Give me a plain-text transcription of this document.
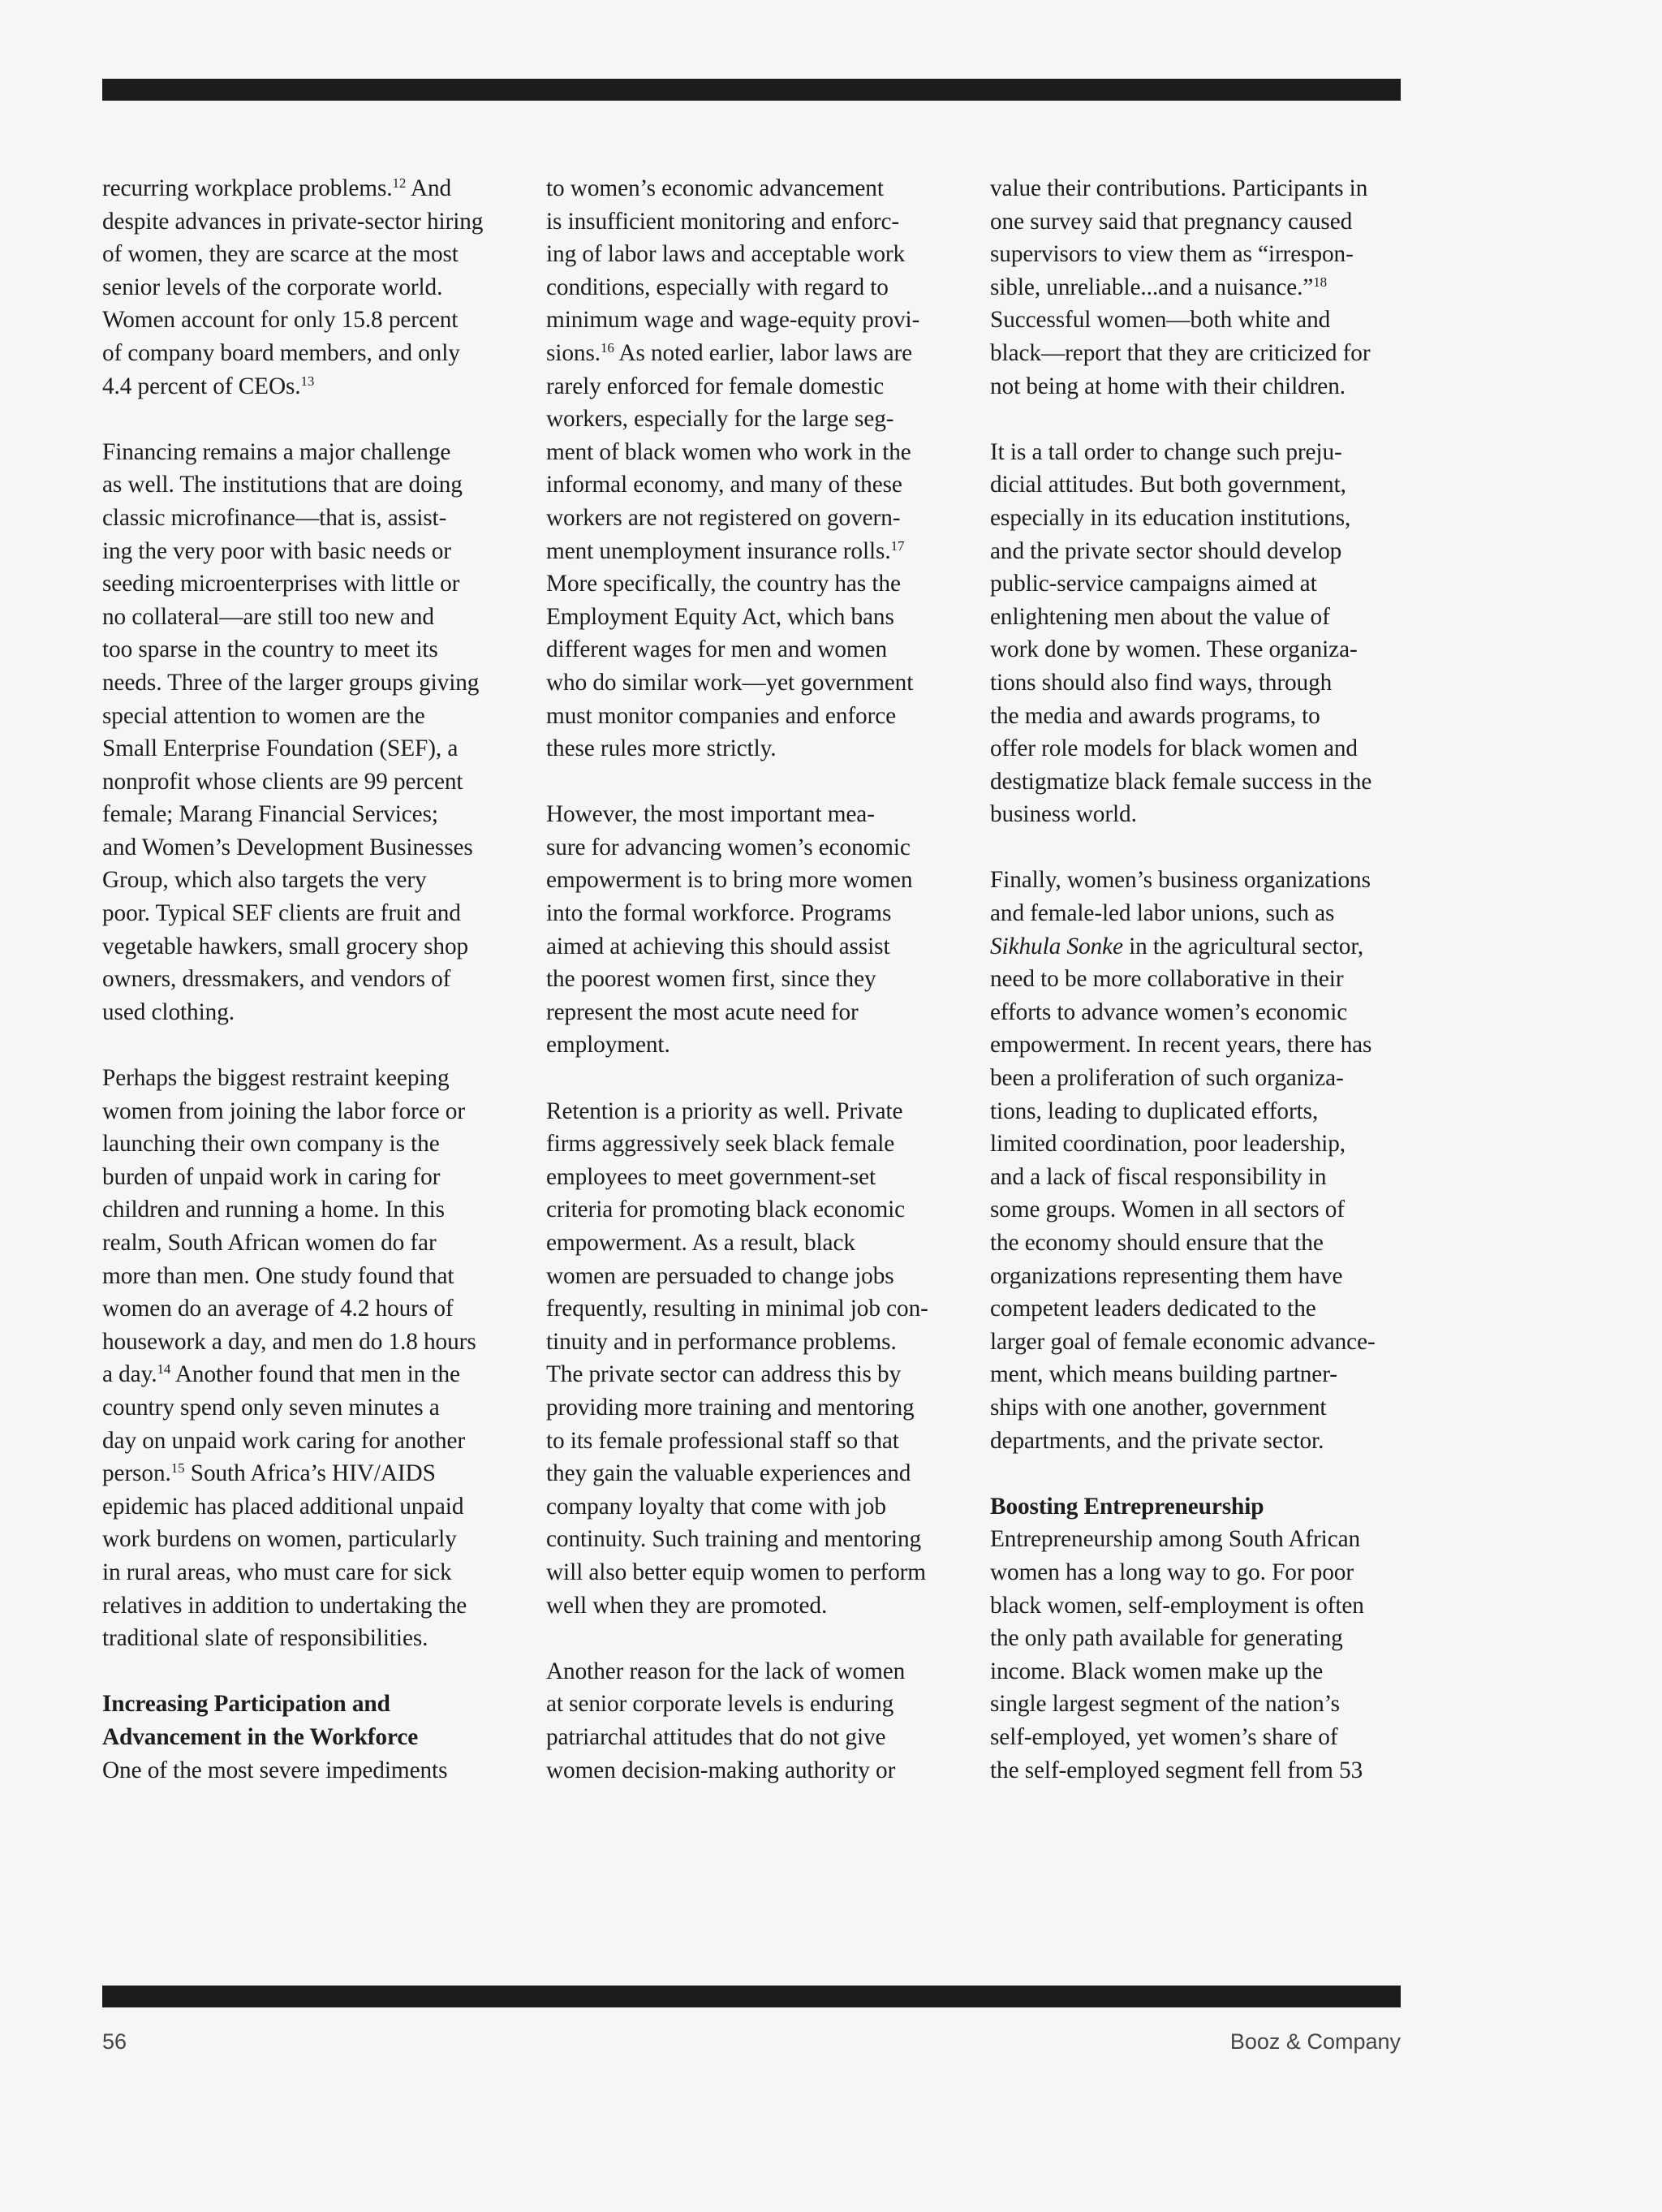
recurring workplace problems.$^{12}$ And
despite advances in private-sector hiring
of women, they are scarce at the most
senior levels of the corporate world.
Women account for only 15.8 percent
of company board members, and only
4.4 percent of CEOs.$^{13}$
Financing remains a major challenge
as well. The institutions that are doing
classic microfinance—that is, assist-
ing the very poor with basic needs or
seeding microenterprises with little or
no collateral—are still too new and
too sparse in the country to meet its
needs. Three of the larger groups giving
special attention to women are the
Small Enterprise Foundation (SEF), a
nonprofit whose clients are 99 percent
female; Marang Financial Services;
and Women’s Development Businesses
Group, which also targets the very
poor. Typical SEF clients are fruit and
vegetable hawkers, small grocery shop
owners, dressmakers, and vendors of
used clothing.
Perhaps the biggest restraint keeping
women from joining the labor force or
launching their own company is the
burden of unpaid work in caring for
children and running a home. In this
realm, South African women do far
more than men. One study found that
women do an average of 4.2 hours of
housework a day, and men do 1.8 hours
a day.$^{14}$ Another found that men in the
country spend only seven minutes a
day on unpaid work caring for another
person.$^{15}$ South Africa’s HIV/AIDS
epidemic has placed additional unpaid
work burdens on women, particularly
in rural areas, who must care for sick
relatives in addition to undertaking the
traditional slate of responsibilities.
Increasing Participation and
Advancement in the Workforce
One of the most severe impediments
to women’s economic advancement
is insufficient monitoring and enforc-
ing of labor laws and acceptable work
conditions, especially with regard to
minimum wage and wage-equity provi-
sions.$^{16}$ As noted earlier, labor laws are
rarely enforced for female domestic
workers, especially for the large seg-
ment of black women who work in the
informal economy, and many of these
workers are not registered on govern-
ment unemployment insurance rolls.$^{17}$
More specifically, the country has the
Employment Equity Act, which bans
different wages for men and women
who do similar work—yet government
must monitor companies and enforce
these rules more strictly.
However, the most important mea-
sure for advancing women’s economic
empowerment is to bring more women
into the formal workforce. Programs
aimed at achieving this should assist
the poorest women first, since they
represent the most acute need for
employment.
Retention is a priority as well. Private
firms aggressively seek black female
employees to meet government-set
criteria for promoting black economic
empowerment. As a result, black
women are persuaded to change jobs
frequently, resulting in minimal job con-
tinuity and in performance problems.
The private sector can address this by
providing more training and mentoring
to its female professional staff so that
they gain the valuable experiences and
company loyalty that come with job
continuity. Such training and mentoring
will also better equip women to perform
well when they are promoted.
Another reason for the lack of women
at senior corporate levels is enduring
patriarchal attitudes that do not give
women decision-making authority or
value their contributions. Participants in
one survey said that pregnancy caused
supervisors to view them as “irrespon-
sible, unreliable...and a nuisance.”$^{18}$
Successful women—both white and
black—report that they are criticized for
not being at home with their children.
It is a tall order to change such preju-
dicial attitudes. But both government,
especially in its education institutions,
and the private sector should develop
public-service campaigns aimed at
enlightening men about the value of
work done by women. These organiza-
tions should also find ways, through
the media and awards programs, to
offer role models for black women and
destigmatize black female success in the
business world.
Finally, women’s business organizations
and female-led labor unions, such as
Sikhula Sonke in the agricultural sector,
need to be more collaborative in their
efforts to advance women’s economic
empowerment. In recent years, there has
been a proliferation of such organiza-
tions, leading to duplicated efforts,
limited coordination, poor leadership,
and a lack of fiscal responsibility in
some groups. Women in all sectors of
the economy should ensure that the
organizations representing them have
competent leaders dedicated to the
larger goal of female economic advance-
ment, which means building partner-
ships with one another, government
departments, and the private sector.
Boosting Entrepreneurship
Entrepreneurship among South African
women has a long way to go. For poor
black women, self-employment is often
the only path available for generating
income. Black women make up the
single largest segment of the nation’s
self-employed, yet women’s share of
the self-employed segment fell from 53
56	Booz & Company
